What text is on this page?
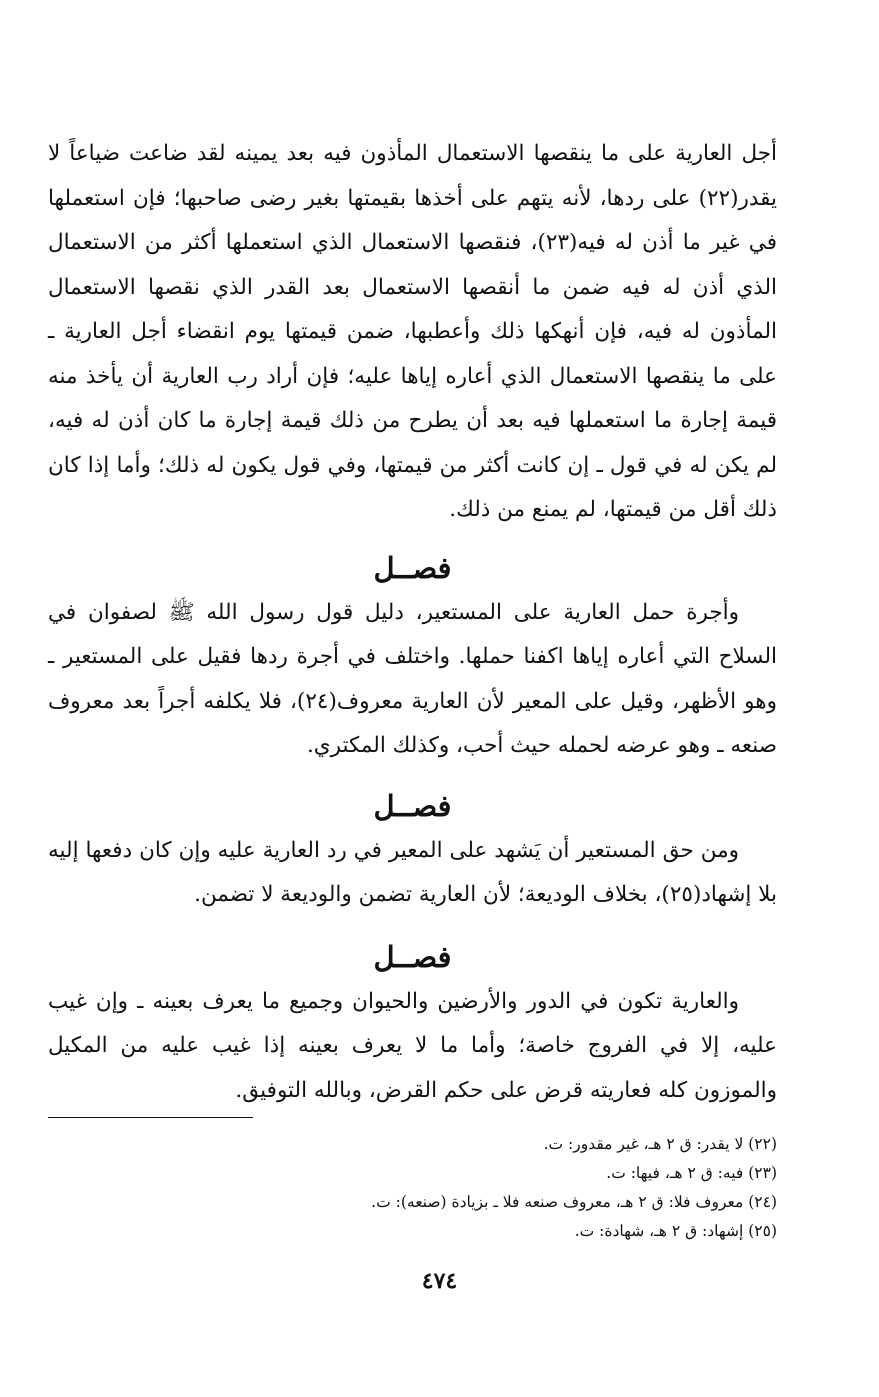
أجل العارية على ما ينقصها الاستعمال المأذون فيه بعد يمينه لقد ضاعت ضياعاً لا يقدر(٢٢) على ردها، لأنه يتهم على أخذها بقيمتها بغير رضى صاحبها؛ فإن استعملها في غير ما أذن له فيه(٢٣)، فنقصها الاستعمال الذي استعملها أكثر من الاستعمال الذي أذن له فيه ضمن ما أنقصها الاستعمال بعد القدر الذي نقصها الاستعمال المأذون له فيه، فإن أنهكها ذلك وأعطبها، ضمن قيمتها يوم انقضاء أجل العارية ـ على ما ينقصها الاستعمال الذي أعاره إياها عليه؛ فإن أراد رب العارية أن يأخذ منه قيمة إجارة ما استعملها فيه بعد أن يطرح من ذلك قيمة إجارة ما كان أذن له فيه، لم يكن له في قول ـ إن كانت أكثر من قيمتها، وفي قول يكون له ذلك؛ وأما إذا كان ذلك أقل من قيمتها، لم يمنع من ذلك.

فصــل

وأجرة حمل العارية على المستعير، دليل قول رسول الله ﷺ لصفوان في السلاح التي أعاره إياها اكفنا حملها. واختلف في أجرة ردها فقيل على المستعير ـ وهو الأظهر، وقيل على المعير لأن العارية معروف(٢٤)، فلا يكلفه أجراً بعد معروف صنعه ـ وهو عرضه لحمله حيث أحب، وكذلك المكتري.

فصــل

ومن حق المستعير أن يَشهد على المعير في رد العارية عليه وإن كان دفعها إليه بلا إشهاد(٢٥)، بخلاف الوديعة؛ لأن العارية تضمن والوديعة لا تضمن.

فصــل

والعارية تكون في الدور والأرضين والحيوان وجميع ما يعرف بعينه ـ وإن غيب عليه، إلا في الفروج خاصة؛ وأما ما لا يعرف بعينه إذا غيب عليه من المكيل والموزون كله فعاريته قرض على حكم القرض، وبالله التوفيق.

(٢٢) لا يقدر: ق ٢ هـ، غير مقدور: ت.

(٢٣) فيه: ق ٢ هـ، فيها: ت.

(٢٤) معروف فلا: ق ٢ هـ، معروف صنعه فلا ـ بزيادة (صنعه): ت.

(٢٥) إشهاد: ق ٢ هـ، شهادة: ت.

٤٧٤
